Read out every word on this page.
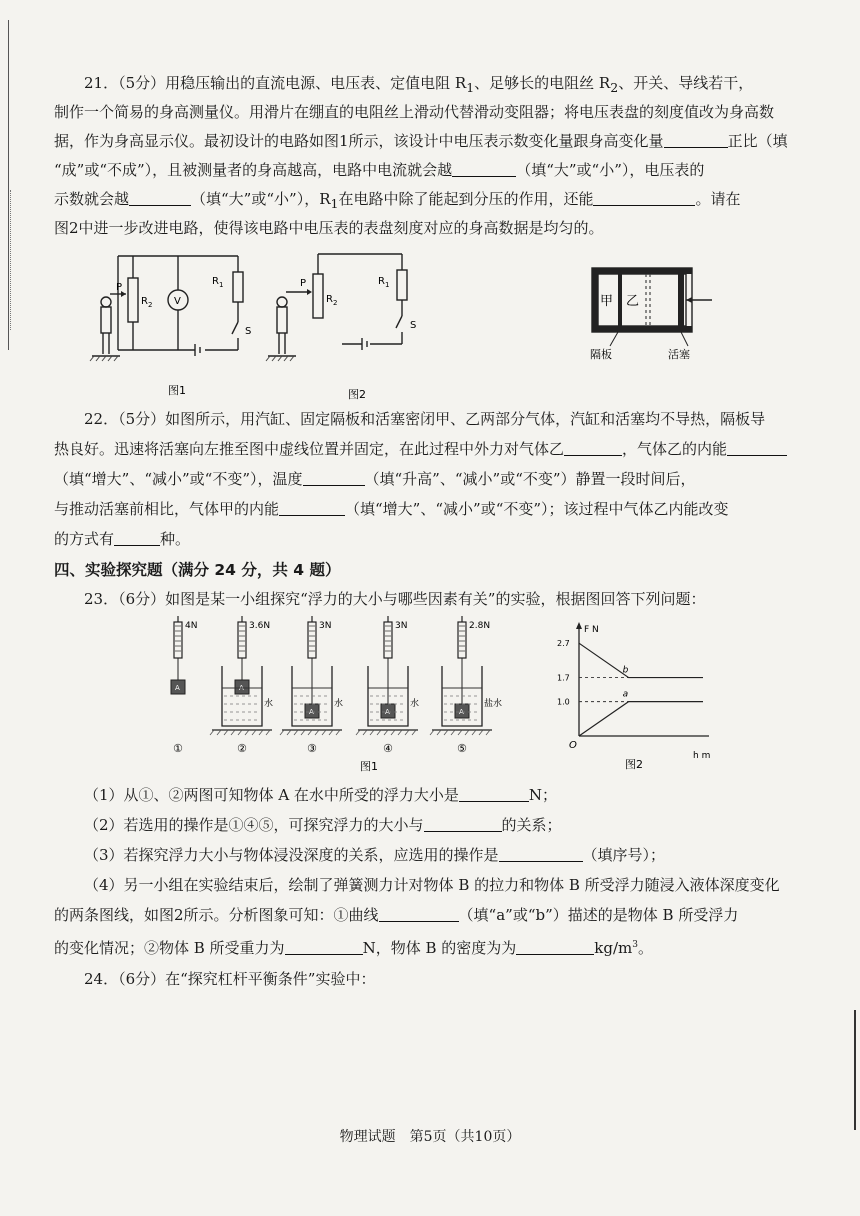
21．（5分）用稳压输出的直流电源、电压表、定值电阻 $R_1$、足够长的电阻丝 $R_2$、开关、导线若干，

制作一个简易的身高测量仪。用滑片在绷直的电阻丝上滑动代替滑动变阻器；将电压表盘的刻度值改为身高数

据，作为身高显示仪。最初设计的电路如图1所示，该设计中电压表示数变化量跟身高变化量	正比（填

“成”或“不成”），且被测量者的身高越高，电路中电流就会越	（填“大”或“小”），电压表的

示数就会越	（填“大”或“小”），$R_1$在电路中除了能起到分压的作用，还能	。请在

图2中进一步改进电路，使得该电路中电压表的表盘刻度对应的身高数据是均匀的。

P
$R_2$ V
$R_1$
S
图1
P
$R_2$
$R_1$
S
图2
甲 乙
隔板	活塞

22．（5分）如图所示，用汽缸、固定隔板和活塞密闭甲、乙两部分气体，汽缸和活塞均不导热，隔板导

热良好。迅速将活塞向左推至图中虚线位置并固定，在此过程中外力对气体乙	，气体乙的内能

（填“增大”、“减小”或“不变”），温度	（填“升高”、“减小”或“不变”）静置一段时间后，

与推动活塞前相比，气体甲的内能	（填“增大”、“减小”或“不变”）；该过程中气体乙内能改变

的方式有	种。

四、实验探究题（满分 24 分，共 4 题）

23．（6分）如图是某一小组探究“浮力的大小与哪些因素有关”的实验，根据图回答下列问题：

4N
A
①
3.6N
A
水
②
3N
A
水
③
3N
A
水
④
2.8N
A
盐水
⑤
图1
F N
h m
O
2.7
1.7
1.0
b
a
图2

（1）从①、②两图可知物体 A 在水中所受的浮力大小是	N；

（2）若选用的操作是①④⑤，可探究浮力的大小与	的关系；

（3）若探究浮力大小与物体浸没深度的关系，应选用的操作是	（填序号）；

（4）另一小组在实验结束后，绘制了弹簧测力计对物体 B 的拉力和物体 B 所受浮力随浸入液体深度变化

的两条图线，如图2所示。分析图象可知：①曲线	（填“a”或“b”）描述的是物体 B 所受浮力

的变化情况；②物体 B 所受重力为	N，物体 B 的密度为为	$kg/m^3$。

24．（6分）在“探究杠杆平衡条件”实验中：

物理试题　第5页（共10页）
